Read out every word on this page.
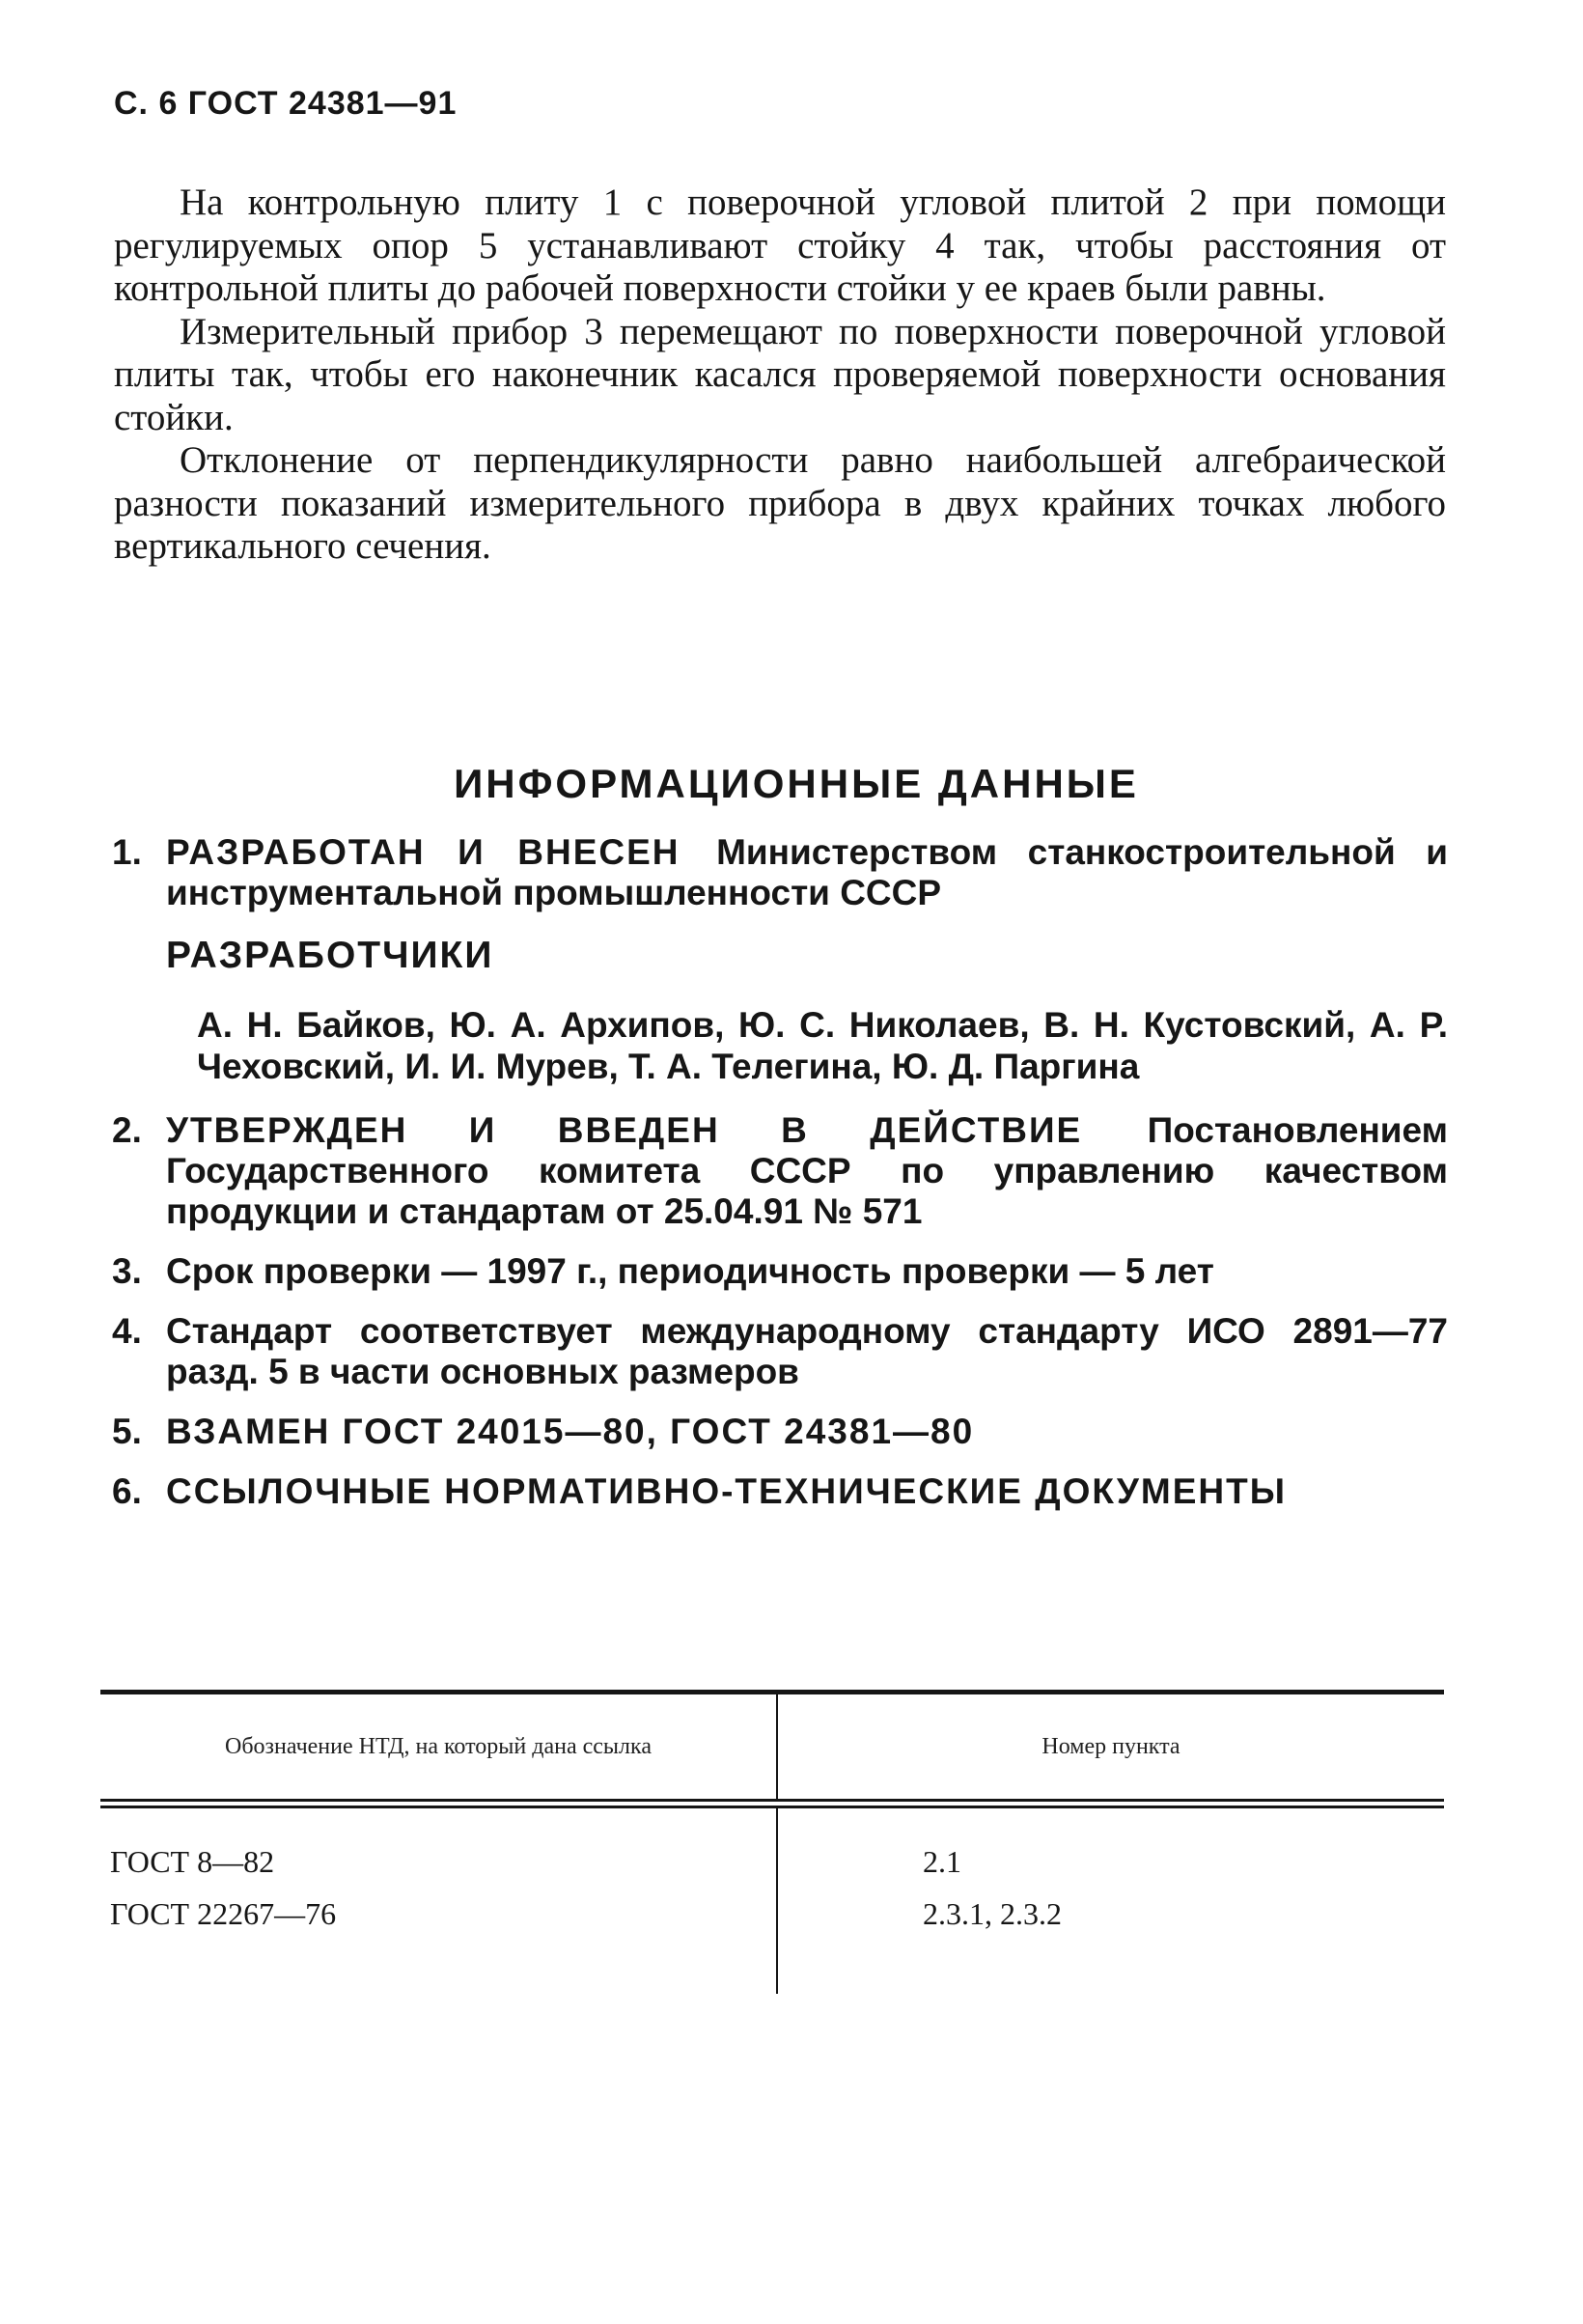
С. 6 ГОСТ 24381—91

На контрольную плиту 1 с поверочной угловой плитой 2 при помощи регулируемых опор 5 устанавливают стойку 4 так, чтобы расстояния от контрольной плиты до рабочей поверхности стойки у ее краев были равны.

Измерительный прибор 3 перемещают по поверхности поверочной угловой плиты так, чтобы его наконечник касался проверяемой поверхности основания стойки.

Отклонение от перпендикулярности равно наибольшей алгебраической разности показаний измерительного прибора в двух крайних точках любого вертикального сечения.

ИНФОРМАЦИОННЫЕ ДАННЫЕ
1. РАЗРАБОТАН И ВНЕСЕН Министерством станкостроительной и инструментальной промышленности СССР
РАЗРАБОТЧИКИ
А. Н. Байков, Ю. А. Архипов, Ю. С. Николаев, В. Н. Кустовский, А. Р. Чеховский, И. И. Мурев, Т. А. Телегина, Ю. Д. Паргина
2. УТВЕРЖДЕН И ВВЕДЕН В ДЕЙСТВИЕ Постановлением Государственного комитета СССР по управлению качеством продукции и стандартам от 25.04.91 № 571
3. Срок проверки — 1997 г., периодичность проверки — 5 лет
4. Стандарт соответствует международному стандарту ИСО 2891—77 разд. 5 в части основных размеров
5. ВЗАМЕН ГОСТ 24015—80, ГОСТ 24381—80
6. ССЫЛОЧНЫЕ НОРМАТИВНО-ТЕХНИЧЕСКИЕ ДОКУМЕНТЫ
Обозначение НТД, на который дана ссылка	Номер пункта
ГОСТ 8—82	2.1
ГОСТ 22267—76	2.3.1, 2.3.2
